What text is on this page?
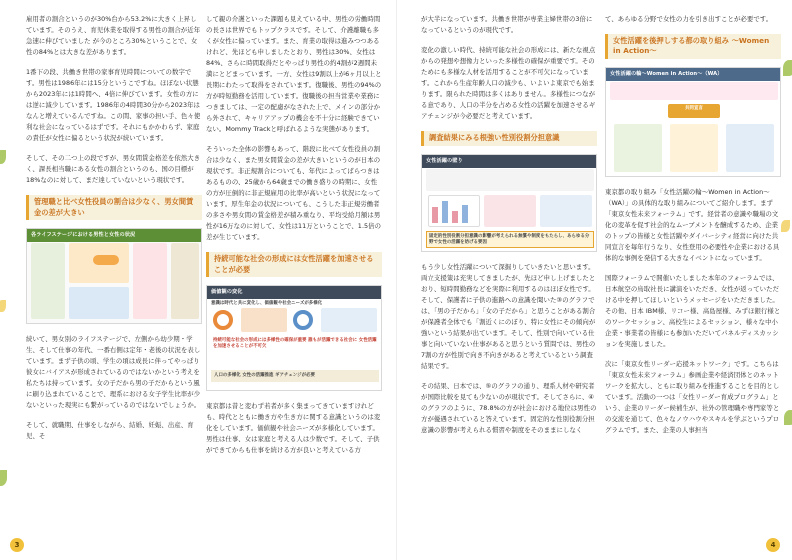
雇用者の割合というのが30%台から53.2%に大きく上昇しています。そのうえ、育児休業を取得する男性の割合が近年急速に伸びていました が今のところ30%ということで、女性の84%とは大きな差があります。

1番下の段、共働き世帯の家事育児時間についての数字です。男性は1986年には15分というこですね。ほぼない状態から2023年には1時間へ、4倍に伸びています。女性の方には逆に減少しています。1986年の4時間30分から2023年はなんと増えているんですね。この間、家事の担い手、色々使利な社会になっているはずです。それにもかかわらず、家庭の責任が女性に偏るという状況が続いています。

そして、その二つ上の段ですが、男女間賃金格差を依然大きく、課長相当職にある女性の割合というのも、国の目標が18%なのに対して、まだ達していないという現状です。

管理職と比べ女性役員の割合は少なく、男女間賃金の差が大きい
各ライフステージにおける男性と女性の状況

続いて、男女別のライフステージで、左側から幼少期・学生、そして仕事の年代、一番右側は定年・老後の状況を表しています。まず子供の頃、学生の頃は成長に伴ってやっぱり彼女にバイアスが形成されているのではないかという考えを私たちは持っています。女の子だから男の子だからという風に刷り込まれていることで、理系における女子学生比率が少ないといった現実にも繋がっているのではないでしょうか。

そして、就職期、仕事をしながら、結婚、妊娠、出産、育児、そ

して親の介護といった課題も見えている中、男性の労働時間の長さは世界でもトップクラスです。そして、介護離職も多くが女性に偏っています。また、育業の取得は進みつつあるけれど、先ほども申しましたとおり、男性は30%、女性は84%、さらに時間取得だとやっぱり男性の約4割が2週間未満にとどまっています。一方、女性は9割以上が6ヶ月以上と長期にわたって取得をされています。復職後、男性の94%の方が時短勤務を活用しています。復職後の担当営業や業務につきましては、一定の配慮がなされた上で、メインの部分から外されて、キャリアアップの機会を不十分に経験できていない。Mommy Trackと呼ばれるような実態があります。

そういった全体の影響もあって、階段に比べて女性役員の割合は少なく、また男女間賃金の差が大きいというのが日本の現状です。非正規割合についても、年代によってばらつきはあるものの、25歳から64歳までの働き盛りの時期に、女性の方が圧倒的に非正規雇用の比率が高いという状況になっています。厚生年金の状況についても、こうした非正規労働者の多さや男女間の賃金格差が積み重なり、平均受給月額は男性が16万なのに対して、女性は11万ということで、1.5倍の差が生じています。

持続可能な社会の形成には女性活躍を加速させることが必要
価値観の変化
意識は時代と共に変化し、価値観や社会ニーズが多様化
持続可能な社会の形成には多様性の確保が重要 誰もが活躍できる社会に 女性活躍を加速させることが不可欠
人口の多様化 女性の活躍推進 ギアチェンジが必要

東京都は昔と変わず若者が多く集まってきていますけれども、時代とともに働き方や生き方に関する意識というのは変化をしています。価値観や社会ニーズが多様化しています。男性は仕事、女は家庭と考える人は少数です。そして、子供ができてからも仕事を続ける方が良いと考えている方

3

が大半になっています。共働き世帯が専業主婦世帯の3倍になっているというのが現代です。

変化の激しい時代、持続可能な社会の形成には、新たな視点からの発想や想像力といった多様性の確保が重要です。そのためにも多様な人材を活用することが不可欠になっています。これから生産年齢人口の減少も、いよいよ東京でも始まります。限られた時間は多くはありません。多様性につながる意であり、人口の半分を占める女性の活躍を加速させるギアチェンジが今必要だと考えています。

調査結果にみる根強い性別役割分担意識
女性活躍の壁り
固定的性別役割分担意識の影響が考えられる無償や制度をもたらし、あらゆる分野で女性の活躍を妨げる要因

もう少し女性活躍について深掘りしていきたいと思います。両立支援策は充実してきましたが、先ほど申し上げましたとおり、短時間勤務などを実際に利用するのはほぼ女性です。そして、保護者に子供の進路への意識を聞いた③のグラフでは、「男の子だから」「女の子だから」と思うことがある割合が保護者全体でも「割近くにのぼり、特に女性にその傾向が強いという結果が出ています。そして、性別で向いている仕事と向いていない仕事があると思うという質問では、男性の7割の方が性別で向き不向きがあると考えているという調査結果です。

その結果、日本では、⑤のグラフの通り、理系人材や研究者が国際比較を見ても少ないのが現状です。そしてさらに、④のグラフのように、78.8%の方が社会における地位は男性の方が優遇されていると答えています。固定的な性別役割分担意識の影響が考えられる慣習や制度をそのままにしなく

て、あらゆる分野で女性の力を引き出すことが必要です。

女性活躍を後押しする都の取り組み ～Women in Action～
女性活躍の輪～Women in Action～（WA）
共同宣言

東京都の取り組み「女性活躍の輪～Women in Action～（WA）」の具体的な取り組みについてご紹介します。まず「東京女性未来フォーラム」です。経営者の意識や職場の文化の変革を促す社会的なムーブメントを醸成するため、企業のトップの皆様と女性活躍やダイバーシティ経営に向けた共同宣言を毎年行うなり、女性登用の必要性や企業における具体的な事例を発信する大きなイベントになっています。

国際フォーラムで開催いたしました本年のフォーラムでは、日本航空の鳥取社長に講演をいただき、女性が返っていただける中を押してほしいというメッセージをいただきました。その他、日本 IBM様、リコー様、高島屋様、みずほ銀行様とのワークセッション、高校生によるセッション、様々な中小企業・事業者の皆様にも参加いただいてパネルディスカッションを実施しました。

次に「東京女性リーダー応援ネットワーク」です。こちらは「東京女性未来フォーラム」参画企業や経済団体とのネットワークを拡大し、ともに取り組みを推進することを目的としています。活動の一つは「女性リーダー育成プログラム」という、企業のリーダー候補生が、社外の管理職や専門家等との交流を通じて、色々なノウハウやスキルを学ぶというプログラムです。また、企業の人事担当

4
